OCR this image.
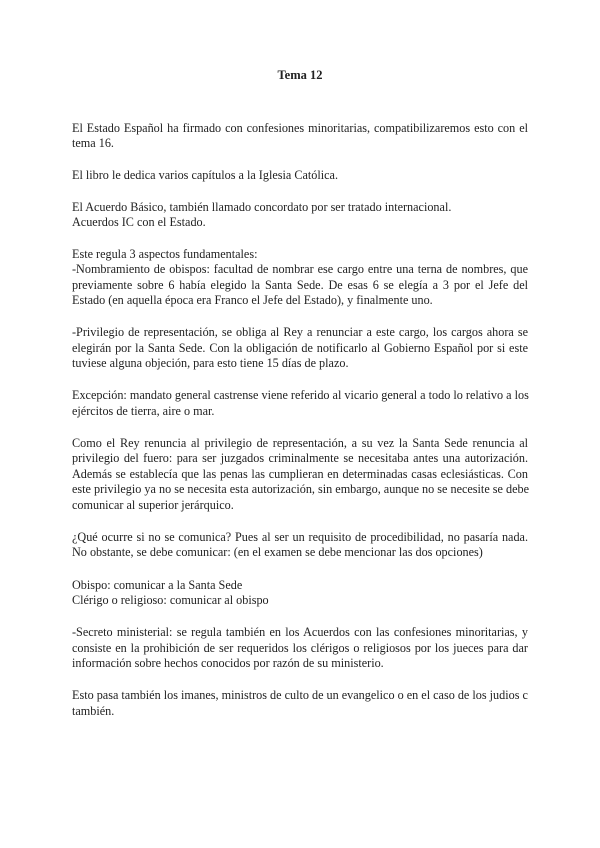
Tema 12
El Estado Español ha firmado con confesiones minoritarias, compatibilizaremos esto con el
tema 16.
El libro le dedica varios capítulos a la Iglesia Católica.
El Acuerdo Básico, también llamado concordato por ser tratado internacional.
Acuerdos IC con el Estado.
Este regula 3 aspectos fundamentales:
-Nombramiento de obispos: facultad de nombrar ese cargo entre una terna de nombres, que
previamente sobre 6 había elegido la Santa Sede. De esas 6 se elegía a 3 por el Jefe del
Estado (en aquella época era Franco el Jefe del Estado), y finalmente uno.
-Privilegio de representación, se obliga al Rey a renunciar a este cargo, los cargos ahora se
elegirán por la Santa Sede. Con la obligación de notificarlo al Gobierno Español por si este
tuviese alguna objeción, para esto tiene 15 días de plazo.
Excepción: mandato general castrense viene referido al vicario general a todo lo relativo a los
ejércitos de tierra, aire o mar.
Como el Rey renuncia al privilegio de representación, a su vez la Santa Sede renuncia al
privilegio del fuero: para ser juzgados criminalmente se necesitaba antes una autorización.
Además se establecía que las penas las cumplieran en determinadas casas eclesiásticas. Con
este privilegio ya no se necesita esta autorización, sin embargo, aunque no se necesite se debe
comunicar al superior jerárquico.
¿Qué ocurre si no se comunica? Pues al ser un requisito de procedibilidad, no pasaría nada.
No obstante, se debe comunicar: (en el examen se debe mencionar las dos opciones)
Obispo: comunicar a la Santa Sede
Clérigo o religioso: comunicar al obispo
-Secreto ministerial: se regula también en los Acuerdos con las confesiones minoritarias, y
consiste en la prohibición de ser requeridos los clérigos o religiosos por los jueces para dar
información sobre hechos conocidos por razón de su ministerio.
Esto pasa también los imanes, ministros de culto de un evangelico o en el caso de los judios c
también.
